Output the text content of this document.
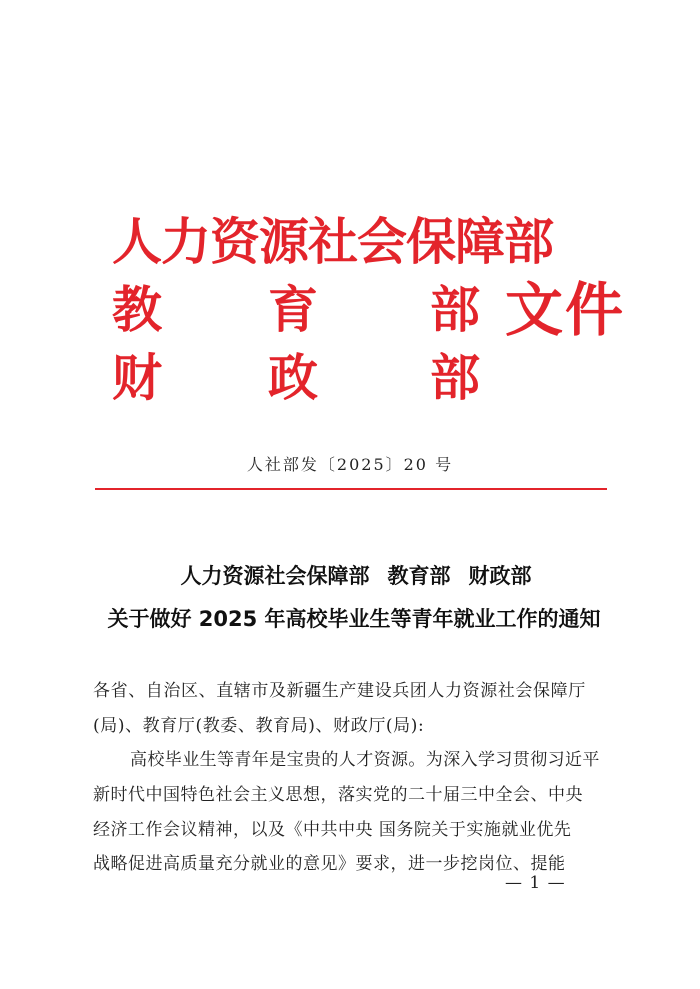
人力资源社会保障部
教 育 部
财 政 部
文件
人社部发〔2025〕20 号
人力资源社会保障部 教育部 财政部
关于做好 2025 年高校毕业生等青年就业工作的通知
各省、自治区、直辖市及新疆生产建设兵团人力资源社会保障厅
(局)、教育厅(教委、教育局)、财政厅(局):
高校毕业生等青年是宝贵的人才资源。为深入学习贯彻习近平
新时代中国特色社会主义思想，落实党的二十届三中全会、中央
经济工作会议精神，以及《中共中央 国务院关于实施就业优先
战略促进高质量充分就业的意见》要求，进一步挖岗位、提能
— 1 —
